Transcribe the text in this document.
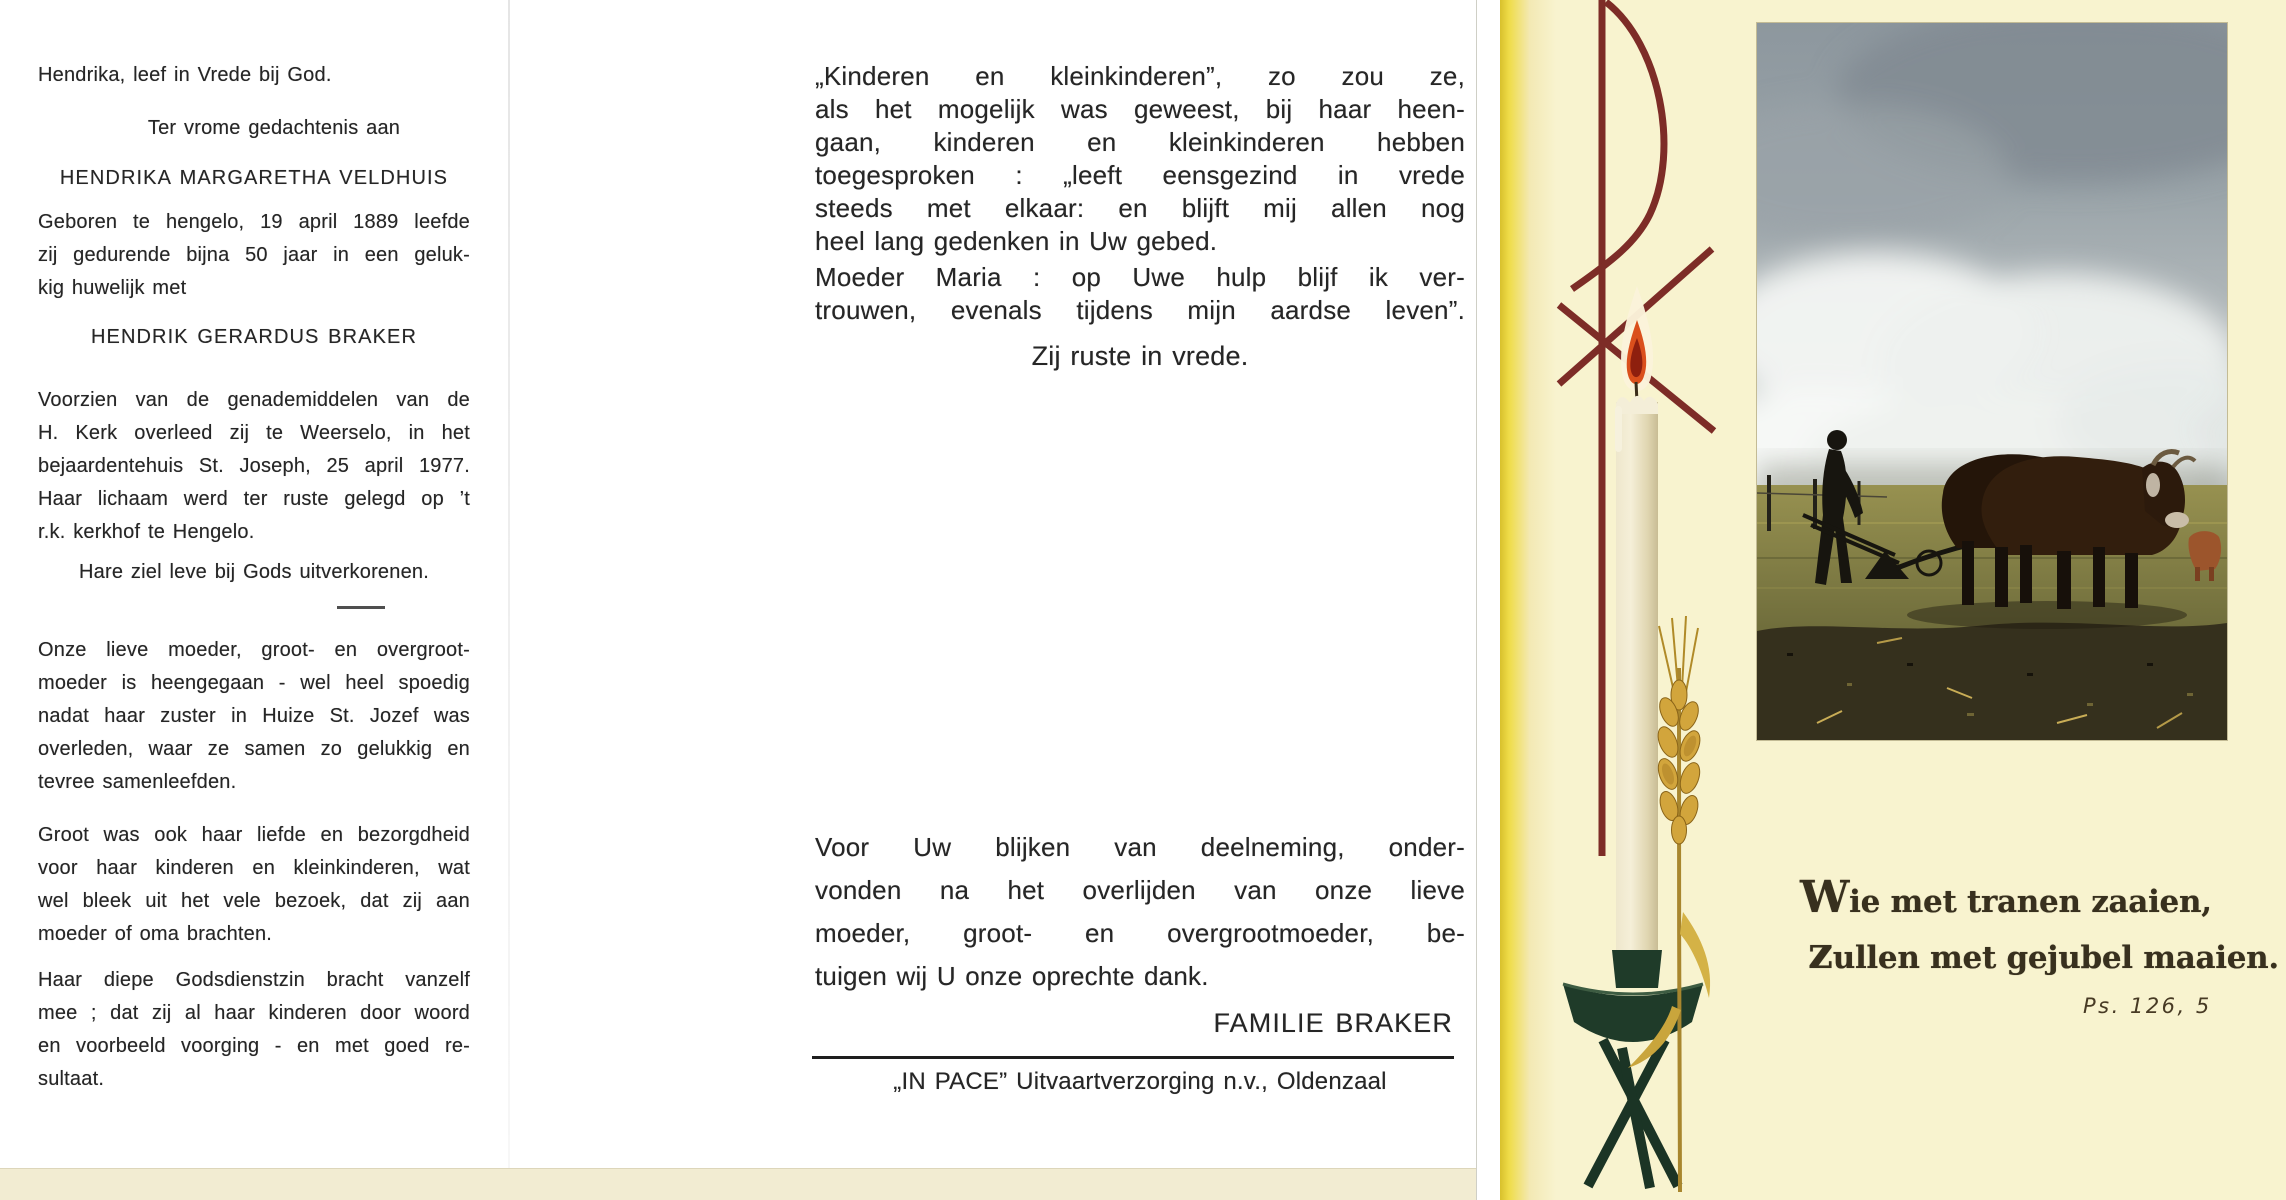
Hendrika, leef in Vrede bij God.
Ter vrome gedachtenis aan
HENDRIKA MARGARETHA VELDHUIS
Geboren te hengelo, 19 april 1889 leefde
zij gedurende bijna 50 jaar in een geluk-
kig huwelijk met
HENDRIK GERARDUS BRAKER
Voorzien van de genademiddelen van de
H. Kerk overleed zij te Weerselo, in het
bejaardentehuis St. Joseph, 25 april 1977.
Haar lichaam werd ter ruste gelegd op ’t
r.k. kerkhof te Hengelo.
Hare ziel leve bij Gods uitverkorenen.
Onze lieve moeder, groot- en overgroot-
moeder is heengegaan - wel heel spoedig
nadat haar zuster in Huize St. Jozef was
overleden, waar ze samen zo gelukkig en
tevree samenleefden.
Groot was ook haar liefde en bezorgdheid
voor haar kinderen en kleinkinderen, wat
wel bleek uit het vele bezoek, dat zij aan
moeder of oma brachten.
Haar diepe Godsdienstzin bracht vanzelf
mee ; dat zij al haar kinderen door woord
en voorbeeld voorging - en met goed re-
sultaat.
„Kinderen en kleinkinderen”, zo zou ze,
als het mogelijk was geweest, bij haar heen-
gaan, kinderen en kleinkinderen hebben
toegesproken : „leeft eensgezind in vrede
steeds met elkaar: en blijft mij allen nog
heel lang gedenken in Uw gebed.
Moeder Maria : op Uwe hulp blijf ik ver-
trouwen, evenals tijdens mijn aardse leven”.
Zij ruste in vrede.
Voor Uw blijken van deelneming, onder-
vonden na het overlijden van onze lieve
moeder, groot- en overgrootmoeder, be-
tuigen wij U onze oprechte dank.
FAMILIE BRAKER
„IN PACE” Uitvaartverzorging n.v., Oldenzaal
Wie met tranen zaaien,
zullen met gejubel maaien.
Ps. 126, 5
